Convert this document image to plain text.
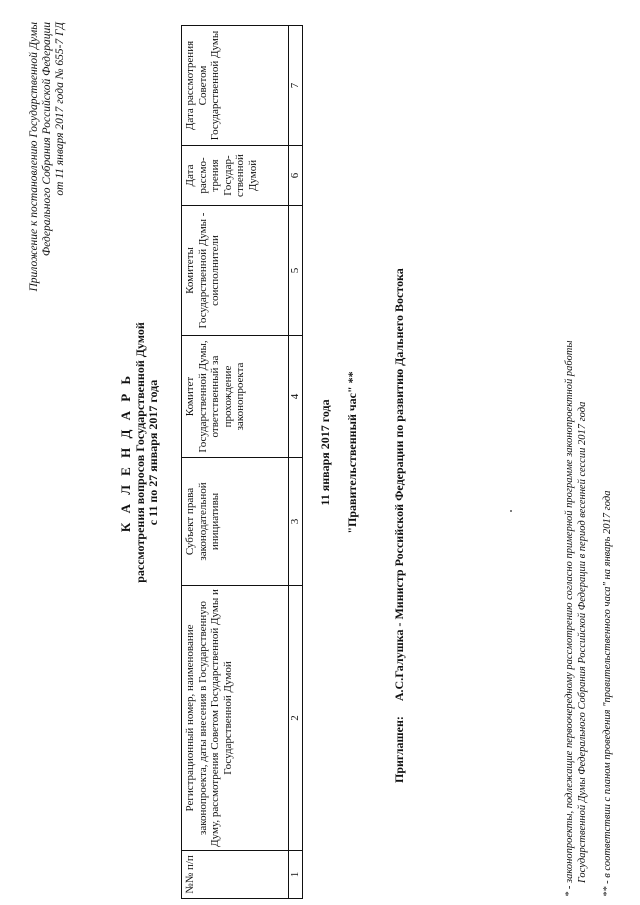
Приложение к постановлению Государственной Думы Федерального Собрания Российской Федерации от 11 января 2017 года № 655-7 ГД
К А Л Е Н Д А Р Ь рассмотрения вопросов Государственной Думой с 11 по 27 января 2017 года
№№ п/п	Регистрационный номер, наименование законопроекта, даты внесения в Государственную Думу, рассмотрения Советом Государственной Думы и Государственной Думой	Субъект права законодательной инициативы	Комитет Государственной Думы, ответственный за прохождение законопроекта	Комитеты Государственной Думы - соисполнители	Дата рассмо- трения Государ- ственной Думой	Дата рассмотрения Советом Государственной Думы
1	2	3	4	5	6	7
11 января 2017 года "Правительственный час" **
Приглашен: А.С.Галушка - Министр Российской Федерации по развитию Дальнего Востока	* - законопроекты, подлежащие первоочередному рассмотрению согласно примерной программе законопроектной работы Государственной Думы Федерального Собрания Российской Федерации в период весенней сессии 2017 года ** - в соответствии с планом проведения "правительственного часа" на январь 2017 года
